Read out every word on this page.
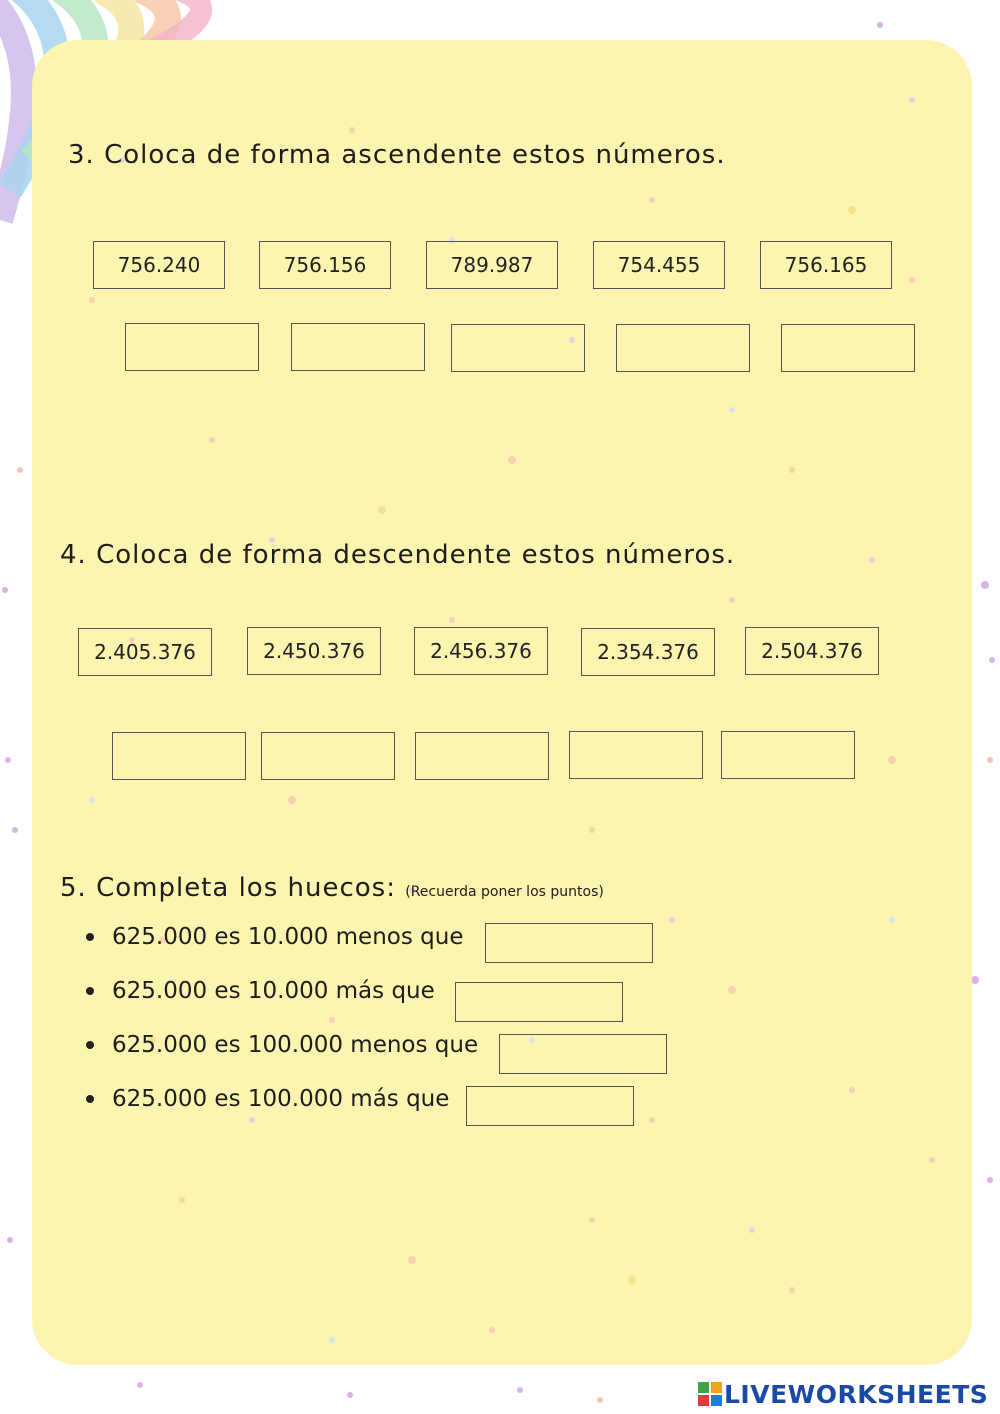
3. Coloca de forma ascendente estos números.
756.240	756.156	789.987	754.455	756.165
4. Coloca de forma descendente estos números.
2.405.376	2.450.376	2.456.376	2.354.376	2.504.376
5. Completa los huecos: (Recuerda poner los puntos)
625.000 es 10.000 menos que
625.000 es 10.000 más que
625.000 es 100.000 menos que
625.000 es 100.000 más que
LIVEWORKSHEETS
